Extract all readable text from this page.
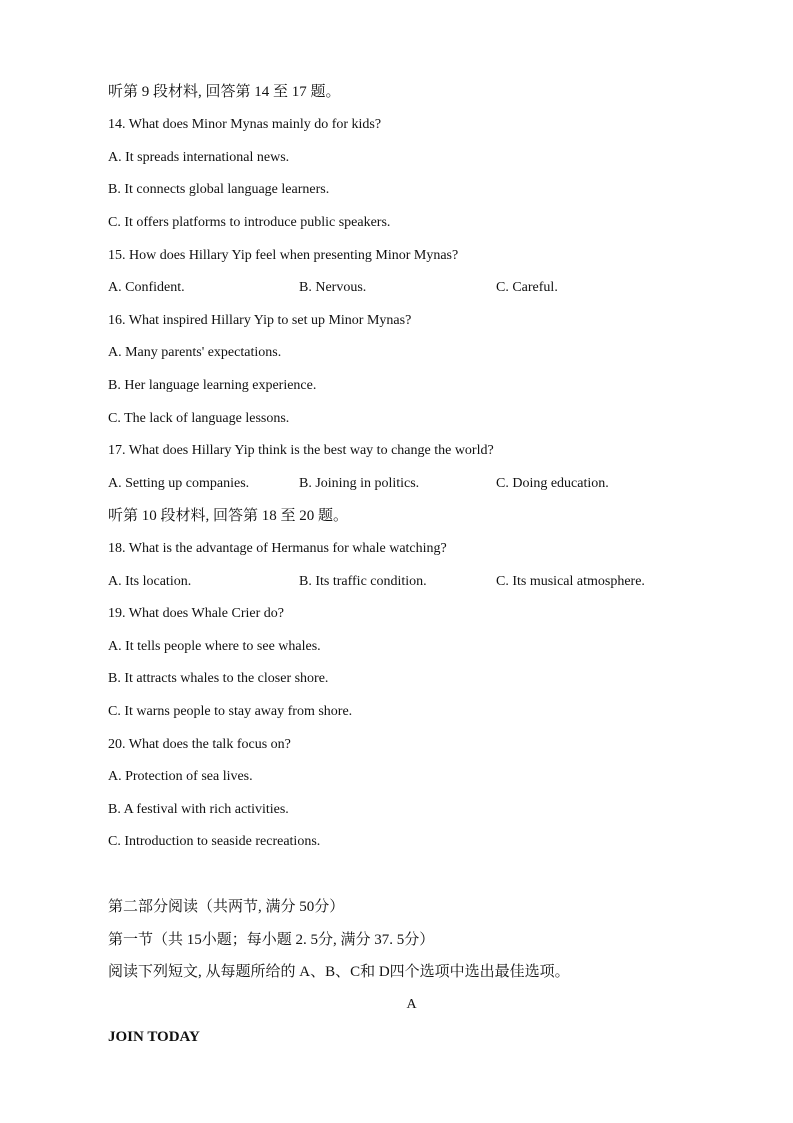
听第 9 段材料, 回答第 14 至 17 题。
14. What does Minor Mynas mainly do for kids?
A. It spreads international news.
B. It connects global language learners.
C. It offers platforms to introduce public speakers.
15. How does Hillary Yip feel when presenting Minor Mynas?
A. Confident.	B. Nervous.	C. Careful.
16. What inspired Hillary Yip to set up Minor Mynas?
A. Many parents' expectations.
B. Her language learning experience.
C. The lack of language lessons.
17. What does Hillary Yip think is the best way to change the world?
A. Setting up companies.	B. Joining in politics.	C. Doing education.
听第 10 段材料, 回答第 18 至 20 题。
18. What is the advantage of Hermanus for whale watching?
A. Its location.	B. Its traffic condition.	C. Its musical atmosphere.
19. What does Whale Crier do?
A. It tells people where to see whales.
B. It attracts whales to the closer shore.
C. It warns people to stay away from shore.
20. What does the talk focus on?
A. Protection of sea lives.
B. A festival with rich activities.
C. Introduction to seaside recreations.
第二部分阅读（共两节, 满分 50分）
第一节（共 15小题；每小题 2. 5分, 满分 37. 5分）
阅读下列短文, 从每题所给的 A、B、C和 D四个选项中选出最佳选项。
A
JOIN TODAY
